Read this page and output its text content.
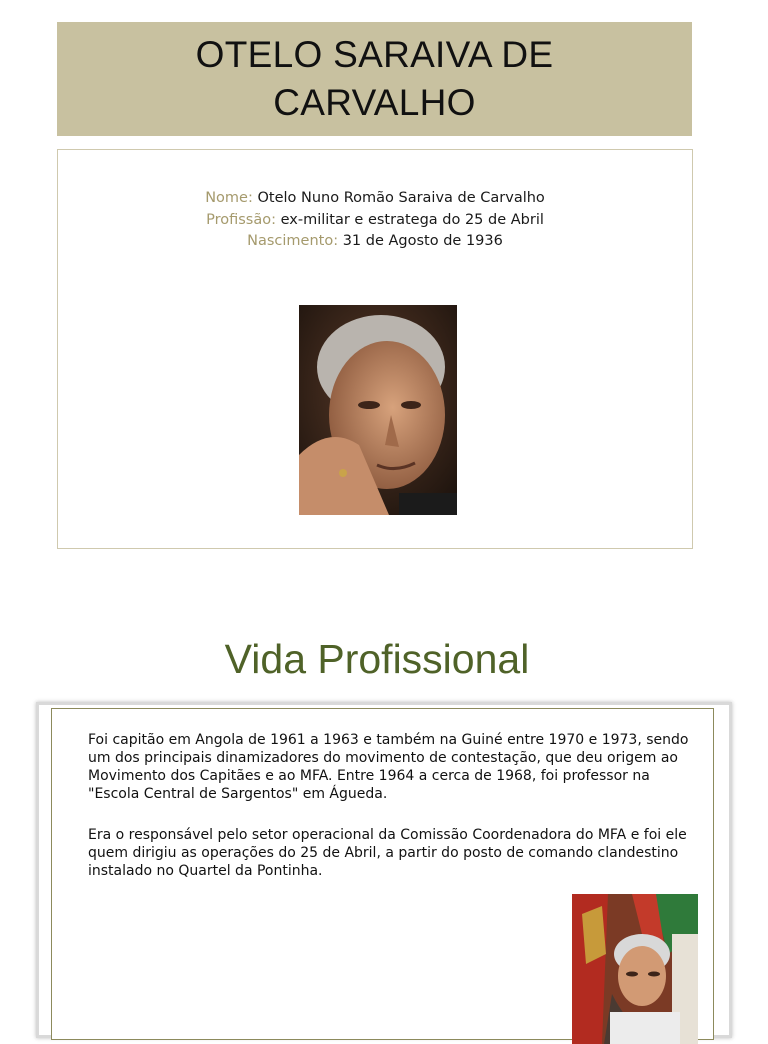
OTELO SARAIVA DE
CARVALHO
Nome: Otelo Nuno Romão Saraiva de Carvalho
Profissão: ex-militar e estratega do 25 de Abril
Nascimento: 31 de Agosto de 1936
Vida Profissional
Foi capitão em Angola de 1961 a 1963 e também na Guiné entre 1970 e 1973, sendo um dos principais dinamizadores do movimento de contestação, que deu origem ao Movimento dos Capitães e ao MFA. Entre 1964 a cerca de 1968, foi professor na "Escola Central de Sargentos" em Águeda.
Era o responsável pelo setor operacional da Comissão Coordenadora do MFA e foi ele quem dirigiu as operações do 25 de Abril, a partir do posto de comando clandestino instalado no Quartel da Pontinha.
